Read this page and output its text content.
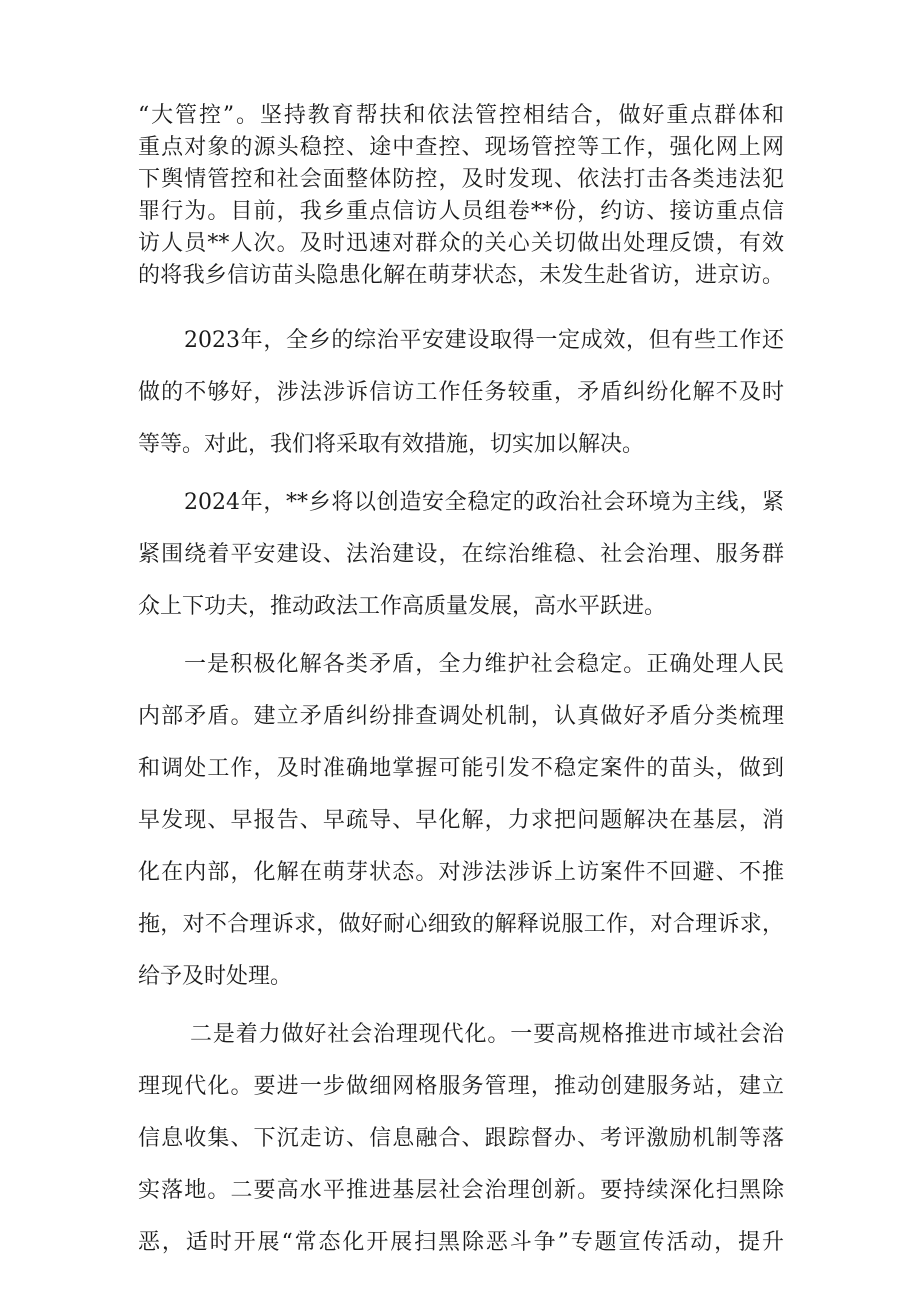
“大管控”。坚持教育帮扶和依法管控相结合，做好重点群体和
重点对象的源头稳控、途中查控、现场管控等工作，强化网上网
下舆情管控和社会面整体防控，及时发现、依法打击各类违法犯
罪行为。目前，我乡重点信访人员组卷**份，约访、接访重点信
访人员**人次。及时迅速对群众的关心关切做出处理反馈，有效
的将我乡信访苗头隐患化解在萌芽状态，未发生赴省访，进京访。
2023年，全乡的综治平安建设取得一定成效，但有些工作还
做的不够好，涉法涉诉信访工作任务较重，矛盾纠纷化解不及时
等等。对此，我们将采取有效措施，切实加以解决。
2024年，**乡将以创造安全稳定的政治社会环境为主线，紧
紧围绕着平安建设、法治建设，在综治维稳、社会治理、服务群
众上下功夫，推动政法工作高质量发展，高水平跃进。
一是积极化解各类矛盾，全力维护社会稳定。正确处理人民
内部矛盾。建立矛盾纠纷排查调处机制，认真做好矛盾分类梳理
和调处工作，及时准确地掌握可能引发不稳定案件的苗头，做到
早发现、早报告、早疏导、早化解，力求把问题解决在基层，消
化在内部，化解在萌芽状态。对涉法涉诉上访案件不回避、不推
拖，对不合理诉求，做好耐心细致的解释说服工作，对合理诉求，
给予及时处理。
二是着力做好社会治理现代化。一要高规格推进市域社会治
理现代化。要进一步做细网格服务管理，推动创建服务站，建立
信息收集、下沉走访、信息融合、跟踪督办、考评激励机制等落
实落地。二要高水平推进基层社会治理创新。要持续深化扫黑除
恶，适时开展“常态化开展扫黑除恶斗争”专题宣传活动，提升
